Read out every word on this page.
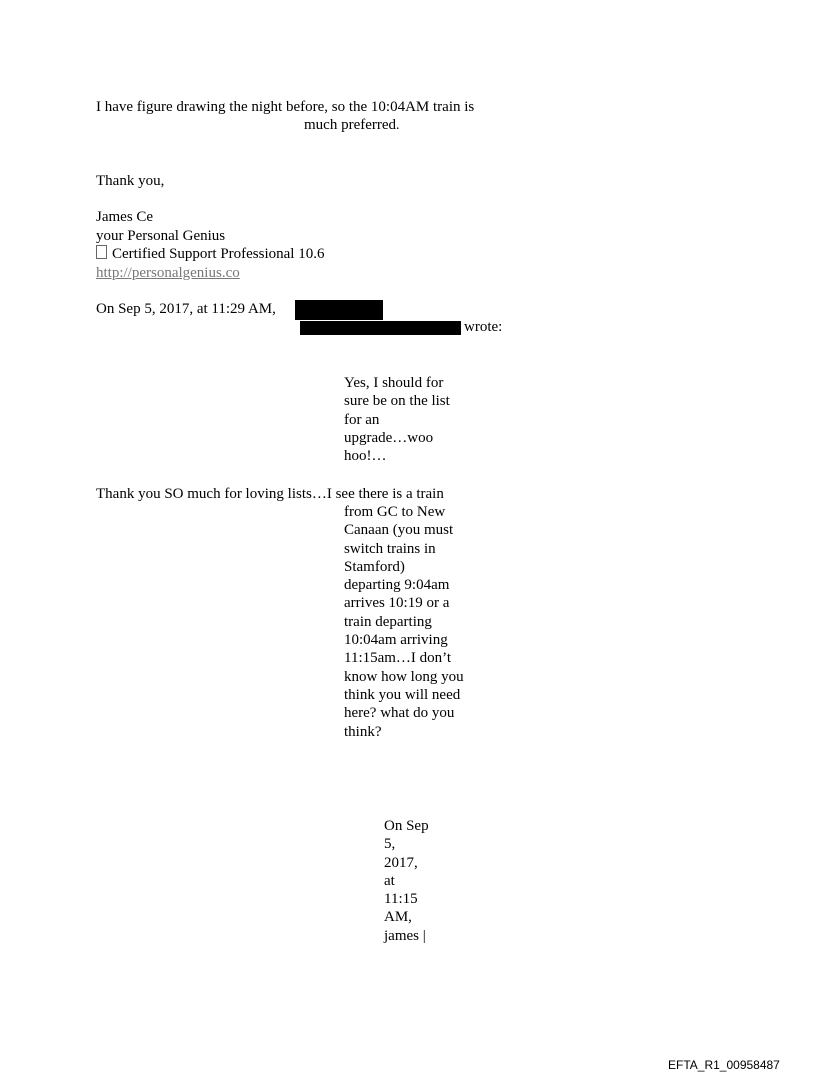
I have figure drawing the night before, so the 10:04AM train is
much preferred.
Thank you,
James Ce
your Personal Genius
Certified Support Professional 10.6
http://personalgenius.co
On Sep 5, 2017, at 11:29 AM,
wrote:
Yes, I should for
sure be on the list
for an
upgrade…woo
hoo!…
Thank you SO much for loving lists…I see there is a train
from GC to New
Canaan (you must
switch trains in
Stamford)
departing 9:04am
arrives 10:19 or a
train departing
10:04am arriving
11:15am…I don’t
know how long you
think you will need
here? what do you
think?
On Sep
5,
2017,
at
11:15
AM,
james |
EFTA_R1_00958487
